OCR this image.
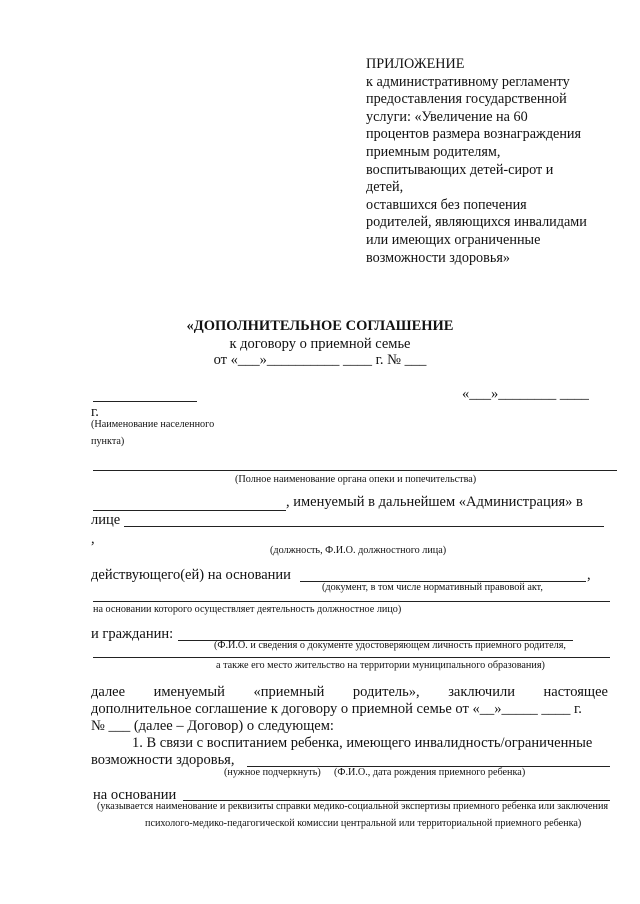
ПРИЛОЖЕНИЕ
к административному регламенту
предоставления государственной
услуги: «Увеличение на 60
процентов размера вознаграждения
приемным родителям,
воспитывающих детей-сирот и
детей,
оставшихся без попечения
родителей, являющихся инвалидами
или имеющих ограниченные
возможности здоровья»
«ДОПОЛНИТЕЛЬНОЕ СОГЛАШЕНИЕ
к договору о приемной семье
от «___»__________ ____ г. № ___
«___»________ ____
г.
(Наименование населенного
пункта)
(Полное наименование органа опеки и попечительства)
, именуемый в дальнейшем «Администрация» в
лице
,
(должность, Ф.И.О. должностного лица)
действующего(ей) на основании	,
(документ, в том числе нормативный правовой акт,
на основании которого осуществляет деятельность должностное лицо)
и гражданин:
(Ф.И.О. и сведения о документе удостоверяющем личность приемного родителя,
а также его место жительство на территории муниципального образования)
далее именуемый «приемный родитель», заключили настоящее
дополнительное соглашение к договору о приемной семье от «__»_____ ____ г.
№ ___ (далее – Договор) о следующем:
1. В связи с воспитанием ребенка, имеющего инвалидность/ограниченные
возможности здоровья,
(нужное подчеркнуть) (Ф.И.О., дата рождения приемного ребенка)
на основании
(указывается наименование и реквизиты справки медико-социальной экспертизы приемного ребенка или заключения
психолого-медико-педагогической комиссии центральной или территориальной приемного ребенка)
